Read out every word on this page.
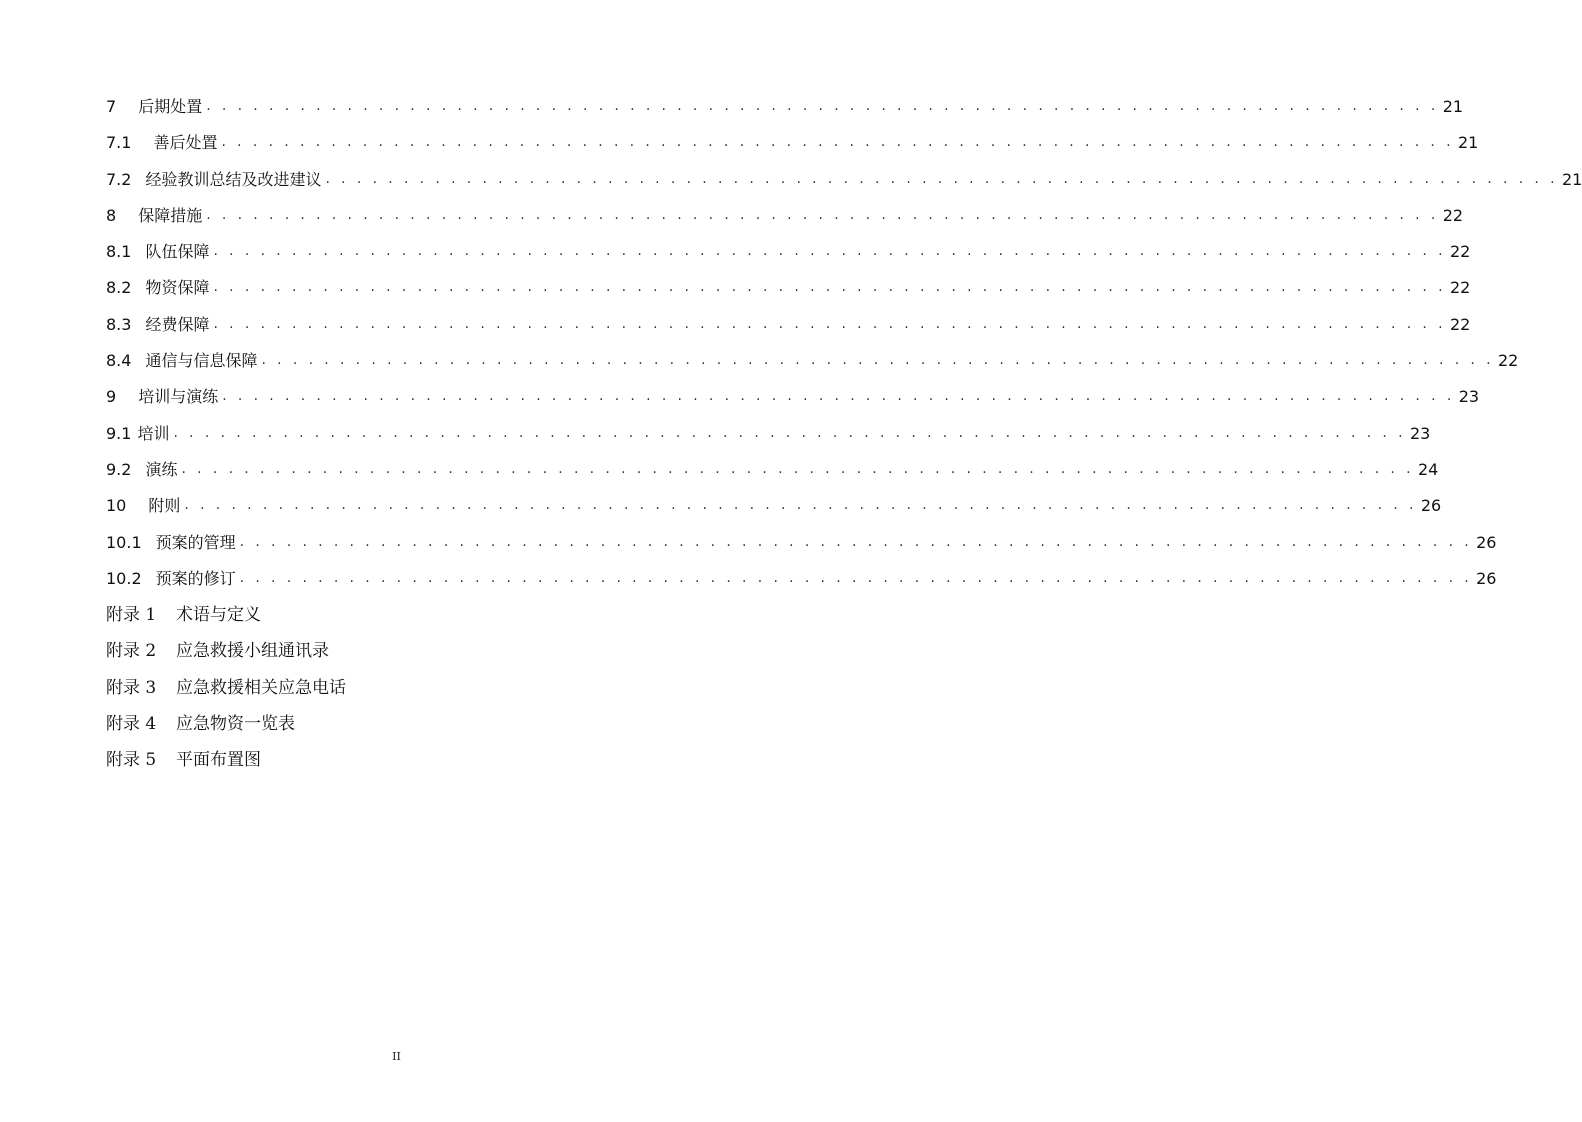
7 后期处置 . . . . . . . . . . . . . . . . . . . . . . . . . . . . . . . . . . . . . . . . . . . . . . . . . . . . . . . . . . . . . . . . . . . . . . . . . . . . . . . 21
7.1 善后处置 . . . . . . . . . . . . . . . . . . . . . . . . . . . . . . . . . . . . . . . . . . . . . . . . . . . . . . . . . . . . . . . . . . . . . . . . . . . . . . . 21
7.2 经验教训总结及改进建议 . . . . . . . . . . . . . . . . . . . . . . . . . . . . . . . . . . . . . . . . . . . . . . . . . . . . . . . . . . . . . . . . . . . . . . . . . . . . . . . 21
8 保障措施 . . . . . . . . . . . . . . . . . . . . . . . . . . . . . . . . . . . . . . . . . . . . . . . . . . . . . . . . . . . . . . . . . . . . . . . . . . . . . . . 22
8.1 队伍保障 . . . . . . . . . . . . . . . . . . . . . . . . . . . . . . . . . . . . . . . . . . . . . . . . . . . . . . . . . . . . . . . . . . . . . . . . . . . . . . . 22
8.2 物资保障 . . . . . . . . . . . . . . . . . . . . . . . . . . . . . . . . . . . . . . . . . . . . . . . . . . . . . . . . . . . . . . . . . . . . . . . . . . . . . . . 22
8.3 经费保障 . . . . . . . . . . . . . . . . . . . . . . . . . . . . . . . . . . . . . . . . . . . . . . . . . . . . . . . . . . . . . . . . . . . . . . . . . . . . . . . 22
8.4 通信与信息保障 . . . . . . . . . . . . . . . . . . . . . . . . . . . . . . . . . . . . . . . . . . . . . . . . . . . . . . . . . . . . . . . . . . . . . . . . . . . . . . . 22
9 培训与演练 . . . . . . . . . . . . . . . . . . . . . . . . . . . . . . . . . . . . . . . . . . . . . . . . . . . . . . . . . . . . . . . . . . . . . . . . . . . . . . . 23
9.1 培训 . . . . . . . . . . . . . . . . . . . . . . . . . . . . . . . . . . . . . . . . . . . . . . . . . . . . . . . . . . . . . . . . . . . . . . . . . . . . . . . 23
9.2 演练 . . . . . . . . . . . . . . . . . . . . . . . . . . . . . . . . . . . . . . . . . . . . . . . . . . . . . . . . . . . . . . . . . . . . . . . . . . . . . . . 24
10 附则 . . . . . . . . . . . . . . . . . . . . . . . . . . . . . . . . . . . . . . . . . . . . . . . . . . . . . . . . . . . . . . . . . . . . . . . . . . . . . . . 26
10.1 预案的管理 . . . . . . . . . . . . . . . . . . . . . . . . . . . . . . . . . . . . . . . . . . . . . . . . . . . . . . . . . . . . . . . . . . . . . . . . . . . . . . . 26
10.2 预案的修订 . . . . . . . . . . . . . . . . . . . . . . . . . . . . . . . . . . . . . . . . . . . . . . . . . . . . . . . . . . . . . . . . . . . . . . . . . . . . . . . 26
附录 1	术语与定义
附录 2	应急救援小组通讯录
附录 3	应急救援相关应急电话
附录 4	应急物资一览表
附录 5	平面布置图
II
